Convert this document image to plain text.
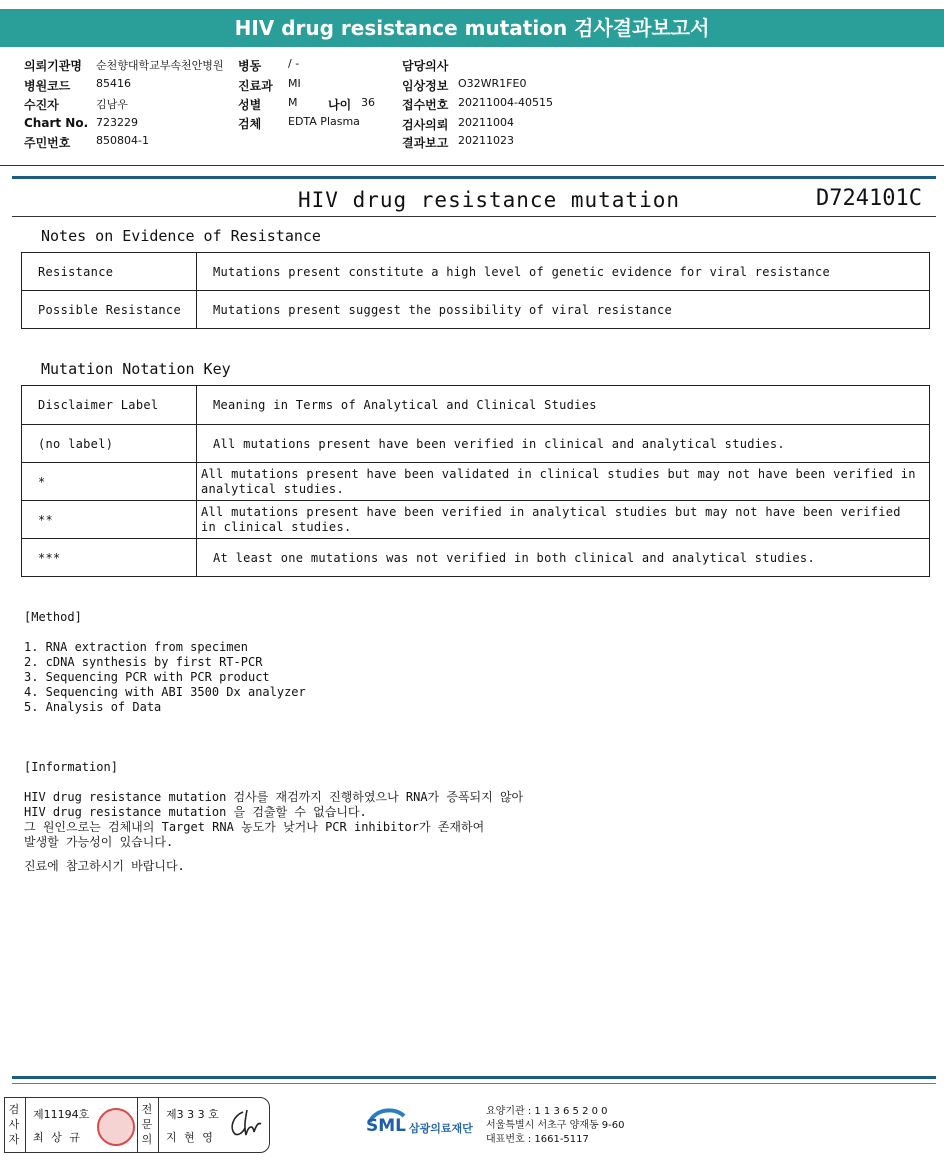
HIV drug resistance mutation 검사결과보고서
의뢰기관명 순천향대학교부속천안병원
병원코드 85416
수진자	김남우
Chart No. 723229
주민번호 850804-1
병동 / -
진료과 MI
성별 M
검체 EDTA Plasma
나이 36
담당의사
임상정보 O32WR1FE0
접수번호 20211004-40515
검사의뢰 20211004
결과보고 20211023
HIV drug resistance mutation	D724101C
Notes on Evidence of Resistance
Resistance	Mutations present constitute a high level of genetic evidence for viral resistance
Possible Resistance	Mutations present suggest the possibility of viral resistance
Mutation Notation Key
Disclaimer Label	Meaning in Terms of Analytical and Clinical Studies
(no label)	All mutations present have been verified in clinical and analytical studies.
*	All mutations present have been validated in clinical studies but may not have been verified in analytical studies.
**	All mutations present have been verified in analytical studies but may not have been verified in clinical studies.
***	At least one mutations was not verified in both clinical and analytical studies.
[Method]
1. RNA extraction from specimen
2. cDNA synthesis by first RT-PCR
3. Sequencing PCR with PCR product
4. Sequencing with ABI 3500 Dx analyzer
5. Analysis of Data
[Information]
HIV drug resistance mutation 검사를 재검까지 진행하였으나 RNA가 증폭되지 않아
HIV drug resistance mutation 을 검출할 수 없습니다.
그 원인으로는 검체내의 Target RNA 농도가 낮거나 PCR inhibitor가 존재하여
발생할 가능성이 있습니다.
진료에 참고하시기 바랍니다.
검사자
제11194호
최 상 규
전문의
제3 3 3 호
지 현 영
SML 삼광의료재단
요양기관 : 1 1 3 6 5 2 0 0
서울특별시 서초구 양재동 9-60
대표번호 : 1661-5117
